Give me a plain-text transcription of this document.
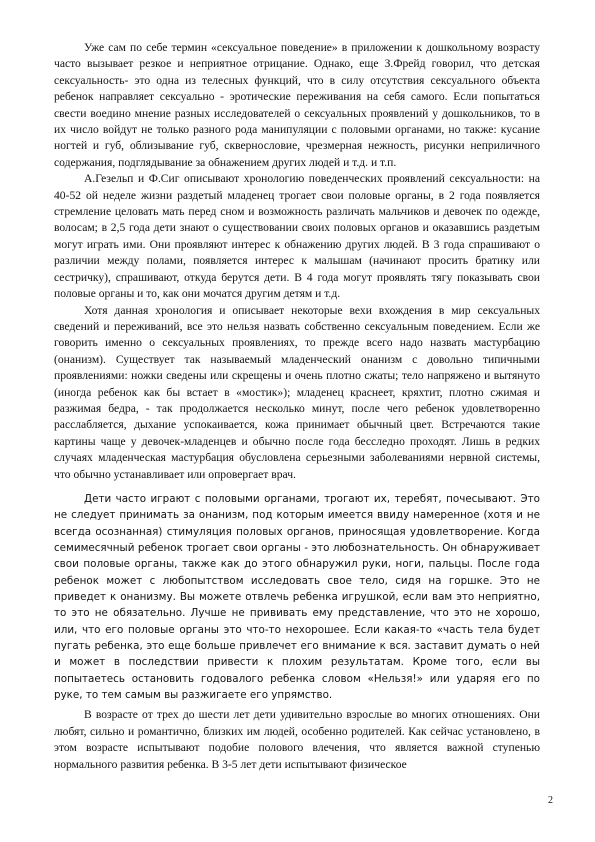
Уже сам по себе термин «сексуальное поведение» в приложении к дошкольному возрасту часто вызывает резкое и неприятное отрицание. Однако, еще З.Фрейд говорил, что детская сексуальность- это одна из телесных функций, что в силу отсутствия сексуального объекта ребенок направляет сексуально - эротические переживания на себя самого. Если попытаться свести воедино мнение разных исследователей о сексуальных проявлений у дошкольников, то в их число войдут не только разного рода манипуляции с половыми органами, но также: кусание ногтей и губ, облизывание губ, сквернословие, чрезмерная нежность, рисунки неприличного содержания, подглядывание за обнажением других людей и т.д. и т.п.

А.Гезельп и Ф.Сиг описывают хронологию поведенческих проявлений сексуальности: на 40-52 ой неделе жизни раздетый младенец трогает свои половые органы, в 2 года появляется стремление целовать мать перед сном и возможность различать мальчиков и девочек по одежде, волосам; в 2,5 года дети знают о существовании своих половых органов и оказавшись раздетым могут играть ими. Они проявляют интерес к обнажению других людей. В 3 года спрашивают о различии между полами, появляется интерес к малышам (начинают просить братику или сестричку), спрашивают, откуда берутся дети. В 4 года могут проявлять тягу показывать свои половые органы и то, как они мочатся другим детям и т.д.

Хотя данная хронология и описывает некоторые вехи вхождения в мир сексуальных сведений и переживаний, все это нельзя назвать собственно сексуальным поведением. Если же говорить именно о сексуальных проявлениях, то прежде всего надо назвать мастурбацию (онанизм). Существует так называемый младенческий онанизм с довольно типичными проявлениями: ножки сведены или скрещены и очень плотно сжаты; тело напряжено и вытянуто (иногда ребенок как бы встает в «мостик»); младенец краснеет, кряхтит, плотно сжимая и разжимая бедра, - так продолжается несколько минут, после чего ребенок удовлетворенно расслабляется, дыхание успокаивается, кожа принимает обычный цвет. Встречаются такие картины чаще у девочек-младенцев и обычно после года бесследно проходят. Лишь в редких случаях младенческая мастурбация обусловлена серьезными заболеваниями нервной системы, что обычно устанавливает или опровергает врач.

Дети часто играют с половыми органами, трогают их, теребят, почесывают. Это не следует принимать за онанизм, под которым имеется ввиду намеренное (хотя и не всегда осознанная) стимуляция половых органов, приносящая удовлетворение. Когда семимесячный ребенок трогает свои органы - это любознательность. Он обнаруживает свои половые органы, также как до этого обнаружил руки, ноги, пальцы. После года ребенок может с любопытством исследовать свое тело, сидя на горшке. Это не приведет к онанизму. Вы можете отвлечь ребенка игрушкой, если вам это неприятно, то это не обязательно. Лучше не прививать ему представление, что это не хорошо, или, что его половые органы это что-то нехорошее. Если какая-то «часть тела будет пугать ребенка, это еще больше привлечет его внимание к вся. заставит думать о ней и может в последствии привести к плохим результатам. Кроме того, если вы попытаетесь остановить годовалого ребенка словом «Нельзя!» или ударяя его по руке, то тем самым вы разжигаете его упрямство.

В возрасте от трех до шести лет дети удивительно взрослые во многих отношениях. Они любят, сильно и романтично, близких им людей, особенно родителей. Как сейчас установлено, в этом возрасте испытывают подобие полового влечения, что является важной ступенью нормального развития ребенка. В 3-5 лет дети испытывают физическое

2
